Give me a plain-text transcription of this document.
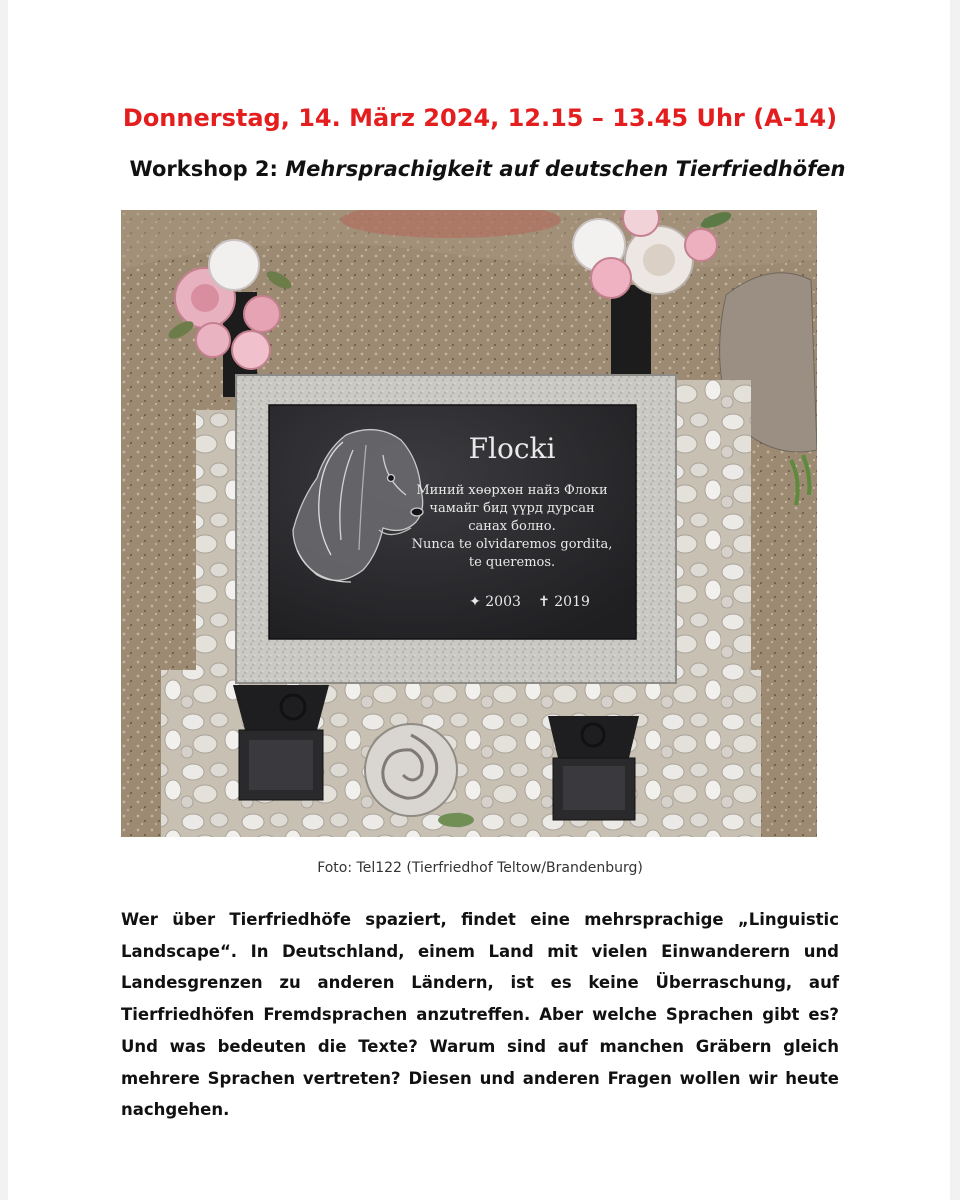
Donnerstag, 14. März 2024, 12.15 – 13.45 Uhr (A-14)
Workshop 2: Mehrsprachigkeit auf deutschen Tierfriedhöfen
Flocki
Миний хөөрхөн найз Флоки
чамайг бид үүрд дурсан
санах болно.
Nunca te olvidaremos gordita,
te queremos.
✦ 2003 ✝ 2019
Foto: Tel122 (Tierfriedhof Teltow/Brandenburg)

Wer über Tierfriedhöfe spaziert, findet eine mehrsprachige „Linguistic Landscape“. In Deutschland, einem Land mit vielen Einwanderern und Landesgrenzen zu anderen Ländern, ist es keine Überraschung, auf Tierfriedhöfen Fremdsprachen anzutreffen. Aber welche Sprachen gibt es? Und was bedeuten die Texte? Warum sind auf manchen Gräbern gleich mehrere Sprachen vertreten? Diesen und anderen Fragen wollen wir heute nachgehen.
